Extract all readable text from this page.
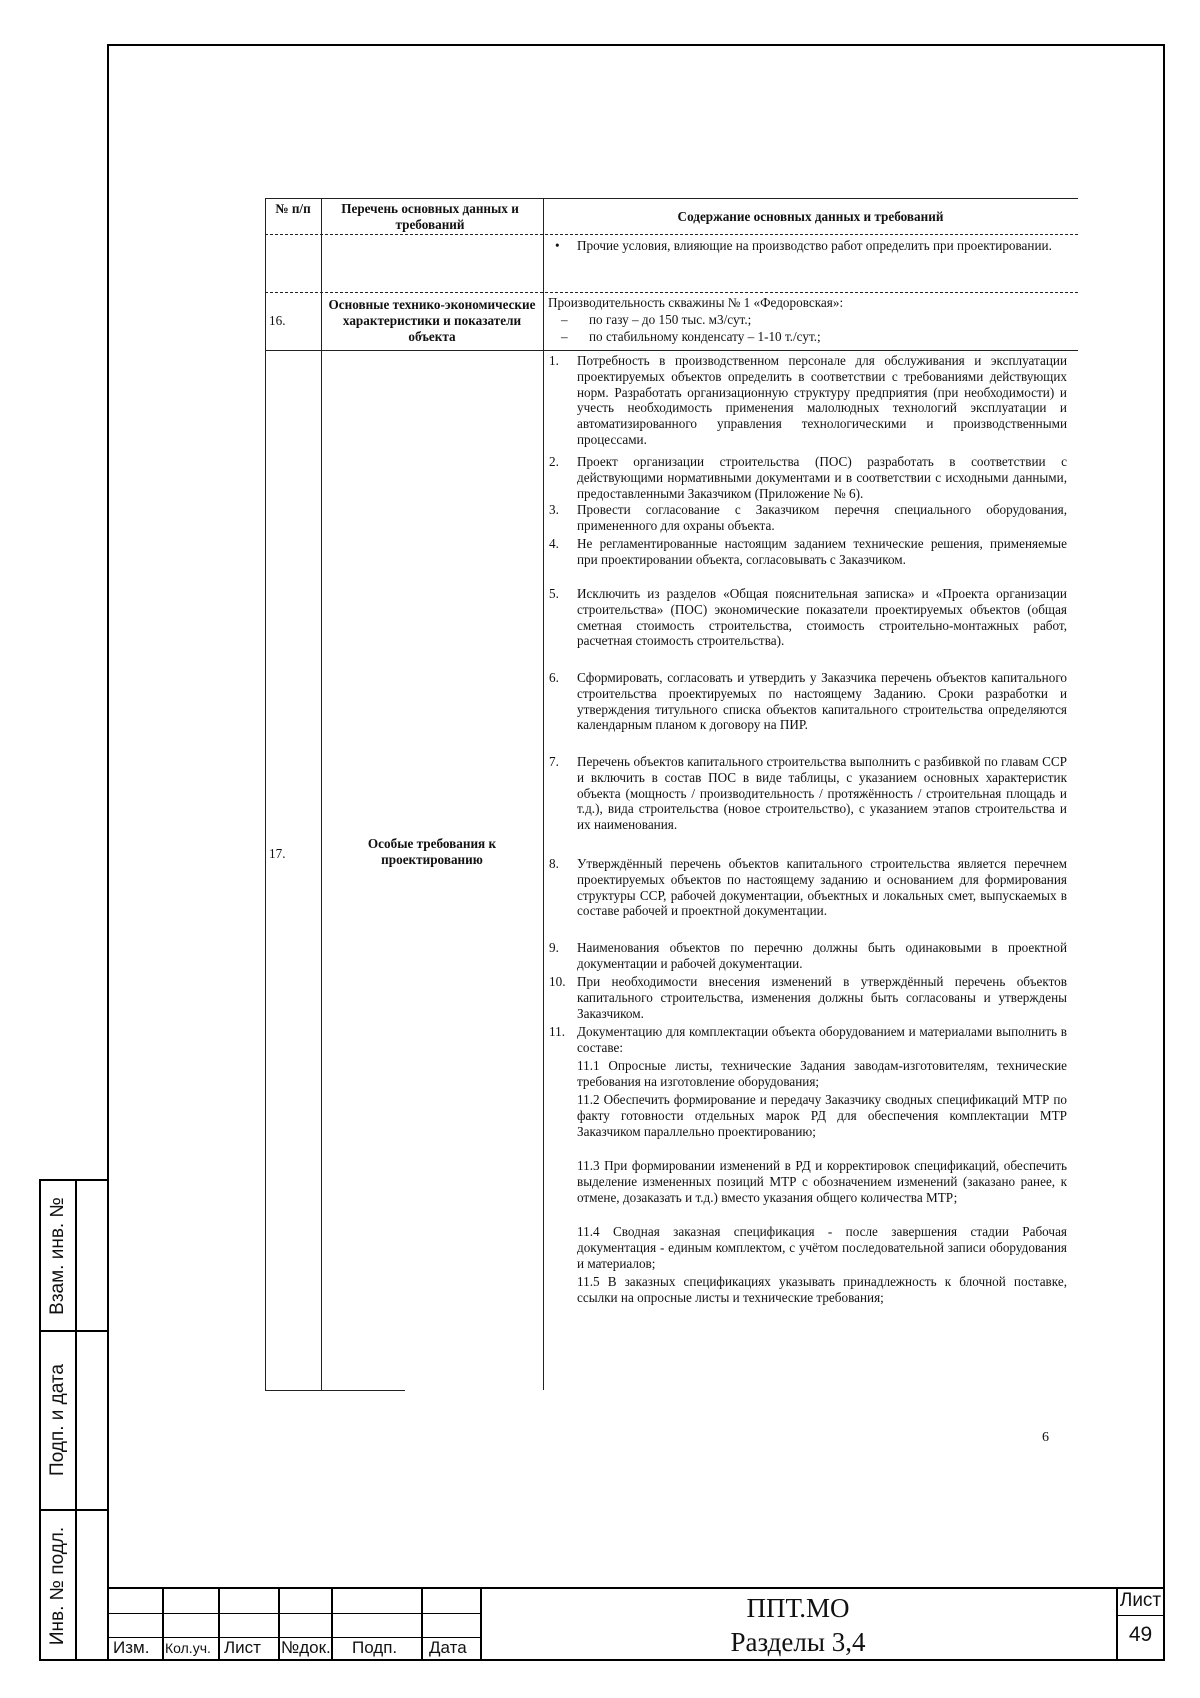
Взам. инв. №
Подп. и дата
Инв. № подл.
Изм. Кол.уч. Лист №док. Подп. Дата
ППТ.МО
Разделы 3,4
Лист
49
№ п/п	Перечень основных данных и требований
Содержание основных данных и требований
• Прочие условия, влияющие на производство работ определить при проектировании.
16.
Основные технико-экономические характеристики и показатели объекта
Производительность скважины № 1 «Федоровская»:
– по газу – до 150 тыс. м3/сут.;
– по стабильному конденсату – 1-10 т./сут.;
17.
Особые требования к проектированию
1. Потребность в производственном персонале для обслуживания и эксплуатации проектируемых объектов определить в соответствии с требованиями действующих норм. Разработать организационную структуру предприятия (при необходимости) и учесть необходимость применения малолюдных технологий эксплуатации и автоматизированного управления технологическими и производственными процессами.
2. Проект организации строительства (ПОС) разработать в соответствии с действующими нормативными документами и в соответствии с исходными данными, предоставленными Заказчиком (Приложение № 6).
3. Провести согласование с Заказчиком перечня специального оборудования, примененного для охраны объекта.
4. Не регламентированные настоящим заданием технические решения, применяемые при проектировании объекта, согласовывать с Заказчиком.
5. Исключить из разделов «Общая пояснительная записка» и «Проекта организации строительства» (ПОС) экономические показатели проектируемых объектов (общая сметная стоимость строительства, стоимость строительно-монтажных работ, расчетная стоимость строительства).
6. Сформировать, согласовать и утвердить у Заказчика перечень объектов капитального строительства проектируемых по настоящему Заданию. Сроки разработки и утверждения титульного списка объектов капитального строительства определяются календарным планом к договору на ПИР.
7. Перечень объектов капитального строительства выполнить с разбивкой по главам ССР и включить в состав ПОС в виде таблицы, с указанием основных характеристик объекта (мощность / производительность / протяжённость / строительная площадь и т.д.), вида строительства (новое строительство), с указанием этапов строительства и их наименования.
8. Утверждённый перечень объектов капитального строительства является перечнем проектируемых объектов по настоящему заданию и основанием для формирования структуры ССР, рабочей документации, объектных и локальных смет, выпускаемых в составе рабочей и проектной документации.
9. Наименования объектов по перечню должны быть одинаковыми в проектной документации и рабочей документации.
10. При необходимости внесения изменений в утверждённый перечень объектов капитального строительства, изменения должны быть согласованы и утверждены Заказчиком.
11. Документацию для комплектации объекта оборудованием и материалами выполнить в составе:
11.1 Опросные листы, технические Задания заводам-изготовителям, технические требования на изготовление оборудования;
11.2 Обеспечить формирование и передачу Заказчику сводных спецификаций МТР по факту готовности отдельных марок РД для обеспечения комплектации МТР Заказчиком параллельно проектированию;
11.3 При формировании изменений в РД и корректировок спецификаций, обеспечить выделение измененных позиций МТР с обозначением изменений (заказано ранее, к отмене, дозаказать и т.д.) вместо указания общего количества МТР;
11.4 Сводная заказная спецификация - после завершения стадии Рабочая документация - единым комплектом, с учётом последовательной записи оборудования и материалов;
11.5 В заказных спецификациях указывать принадлежность к блочной поставке, ссылки на опросные листы и технические требования;
6
